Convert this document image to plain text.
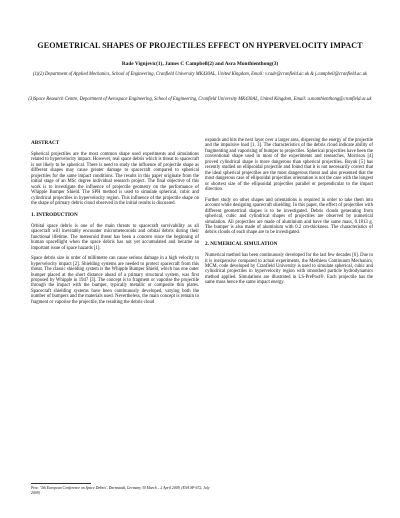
GEOMETRICAL SHAPES OF PROJECTILES EFFECT ON HYPERVELOCITY IMPACT
Rade Vignjevic(1), James C Campbell(2) and Asra Monthienthong(3)
(1)(2) Department of Applied Mechanics, School of Engineering, Cranfield University MK430AL, United Kingdom, Email: v.rade@cranfield.ac.uk & j.campbell@cranfield.ac.uk
(3)Space Research Centre, Department of Aerospace Engineering, School of Engineering, Cranfield University MK430AL, United Kingdom, Email: a.monthienthong@cranfield.ac.uk
ABSTRACT

Spherical projectiles are the most common shape used experiments and simulations related to hypervelocity impact. However, real space debris which is threat to spacecraft is not likely to be spherical. There is need to study the influence of projectile shape as different shapes may cause greater damage to spacecraft compared to spherical projectiles for the same impact conditions. The results in this paper originate from the initial stage of an MSc degree individual research project. The final objective of this work is to investigate the influence of projectile geometry on the performance of Whipple Bumper Shield. The SPH method is used to simulate spherical, cubic and cylindrical projectiles in hypervelocity region. This influence of the projectile shape on the shape of primary debris cloud observed in the initial results is discussed.

1. INTRODUCTION

Orbital space debris is one of the main threats to spacecraft survivability as all spacecraft will inevitably encounter micrometeoroids and orbital debris during their functional lifetime. The meteoroid threat has been a concern since the beginning of human spaceflight when the space debris has not yet accumulated and became an important issue of space hazards [1].

Space debris size in order of millimetre can cause serious damage in a high velocity to hypervelocity impact [2]. Shielding systems are needed to protect spacecraft from this threat. The classic shielding system is the Whipple Bumper Shield, which has one outer bumper placed at the short distance ahead of a primary structural system, was first proposed by Whipple in 1947 [3]. The concept is to fragment or vaporise the projectile through the impact with the bumper, typically metallic or composite thin plates. Spacecraft shielding systems have been continuously developed, varying both the number of bumpers and the materials used. Nevertheless, the main concept is remain to fragment or vaporise the projectile, the resulting the debris cloud

expands and hits the next layer over a larger area, dispersing the energy of the projectile and the impulsive load [1, 3]. The characteristics of the debris cloud indicate ability of fragmenting and vaporising of bumper to projectiles. Spherical projectiles have been the conventional shape used in most of the experiments and researches, Morrison [4] proved cylindrical shape is more dangerous than spherical projectiles. Buyuk [5] has recently studied on ellipsoidal projectile and found that it is not necessarily correct that the ideal spherical projectiles are the most dangerous threat and also presented that the most dangerous case of ellipsoidal projectiles orientation is not the case with the longest or shortest size of the ellipsoidal projectiles parallel or perpendicular to the impact direction.

Further study on other shapes and orientations is required in order to take them into account while designing spacecraft shielding. In this paper, the effect of projectiles with different geometrical shapes is to be investigated. Debris clouds generating from spherical, cubic and cylindrical shapes of projectiles are observed by numerical simulation. All projectiles are made of aluminium and have the same mass, 0.1813 g. The bumper is also made of aluminium with 0.2 cm-thickness. The characteristics of debris clouds of each shape are to be investigated.

2. NUMERICAL SIMULATION

Numerical method has been continuously developed for the last few decades [6]. Due to it is inexpensive compared to actual experiments, the Meshless Continuum Mechanics, MCM, code developed by Cranfield University is used to simulate spherical, cubic and cylindrical projectiles in hypervelocity region with smoothed particle hydrodynamics method applied. Simulations are illustrated in LS-PrePost®. Each projectile has the same mass hence the same impact energy.

Proc. '5th European Conference on Space Debris', Darmstadt, Germany 30 March – 2 April 2009, (ESA SP-672, July 2009)
